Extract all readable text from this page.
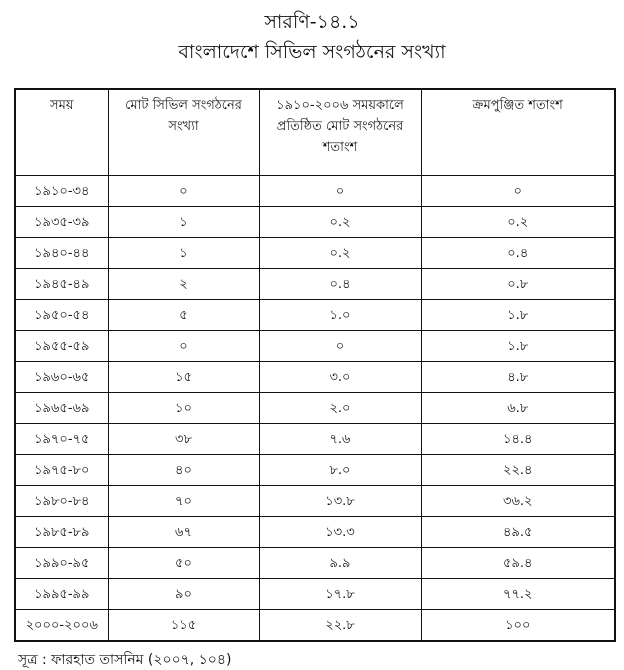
সারণি-১৪.১
বাংলাদেশে সিভিল সংগঠনের সংখ্যা
সময়	মোট সিভিল সংগঠনের সংখ্যা	১৯১০-২০০৬ সময়কালে প্রতিষ্ঠিত মোট সংগঠনের শতাংশ	ক্রমপুঞ্জিত শতাংশ
১৯১০-৩৪	০	০	০
১৯৩৫-৩৯	১	০.২	০.২
১৯৪০-৪৪	১	০.২	০.৪
১৯৪৫-৪৯	২	০.৪	০.৮
১৯৫০-৫৪	৫	১.০	১.৮
১৯৫৫-৫৯	০	০	১.৮
১৯৬০-৬৫	১৫	৩.০	৪.৮
১৯৬৫-৬৯	১০	২.০	৬.৮
১৯৭০-৭৫	৩৮	৭.৬	১৪.৪
১৯৭৫-৮০	৪০	৮.০	২২.৪
১৯৮০-৮৪	৭০	১৩.৮	৩৬.২
১৯৮৫-৮৯	৬৭	১৩.৩	৪৯.৫
১৯৯০-৯৫	৫০	৯.৯	৫৯.৪
১৯৯৫-৯৯	৯০	১৭.৮	৭৭.২
২০০০-২০০৬	১১৫	২২.৮	১০০
সূত্র : ফারহাত তাসনিম (২০০৭, ১০৪)
